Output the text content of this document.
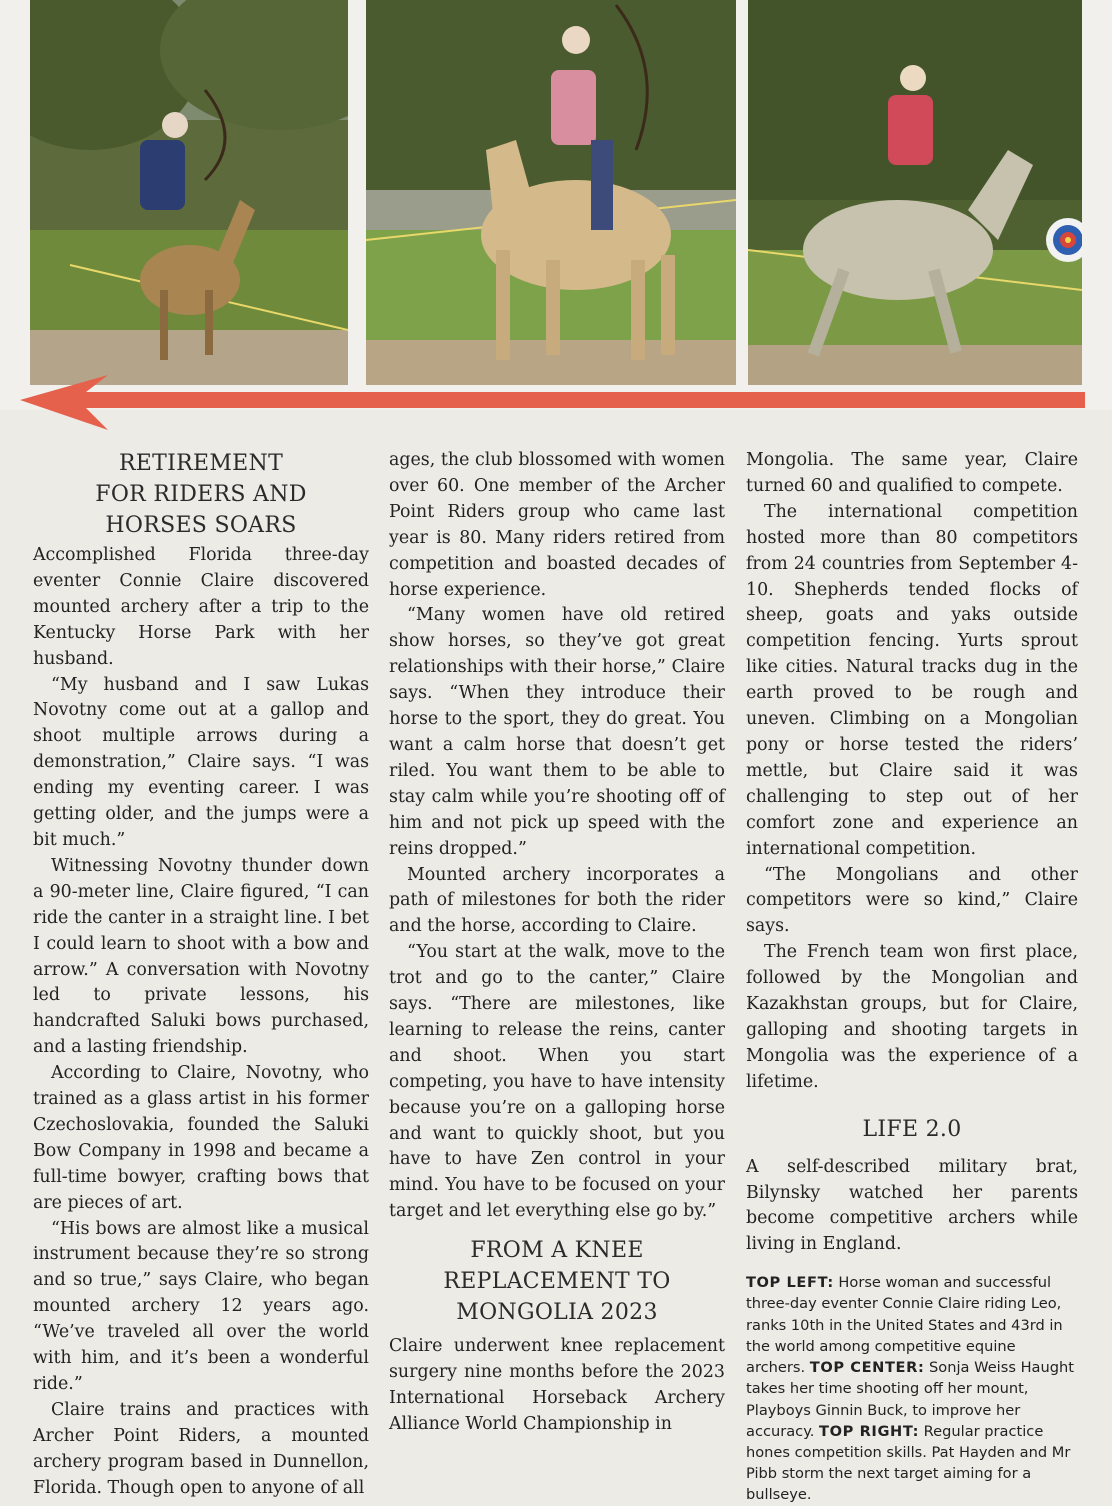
RETIREMENT
FOR RIDERS AND
HORSES SOARS

Accomplished Florida three-day eventer Connie Claire discovered mounted archery after a trip to the Kentucky Horse Park with her husband.

“My husband and I saw Lukas Novotny come out at a gallop and shoot multiple arrows during a demonstration,” Claire says. “I was ending my eventing career. I was getting older, and the jumps were a bit much.”

Witnessing Novotny thunder down a 90-meter line, Claire figured, “I can ride the canter in a straight line. I bet I could learn to shoot with a bow and arrow.” A conversation with Novotny led to private lessons, his handcrafted Saluki bows purchased, and a lasting friendship.

According to Claire, Novotny, who trained as a glass artist in his former Czechoslovakia, founded the Saluki Bow Company in 1998 and became a full-time bowyer, crafting bows that are pieces of art.

“His bows are almost like a musical instrument because they’re so strong and so true,” says Claire, who began mounted archery 12 years ago. “We’ve traveled all over the world with him, and it’s been a wonderful ride.”

Claire trains and practices with Archer Point Riders, a mounted archery program based in Dunnellon, Florida. Though open to anyone of all

ages, the club blossomed with women over 60. One member of the Archer Point Riders group who came last year is 80. Many riders retired from competition and boasted decades of horse experience.

“Many women have old retired show horses, so they’ve got great relationships with their horse,” Claire says. “When they introduce their horse to the sport, they do great. You want a calm horse that doesn’t get riled. You want them to be able to stay calm while you’re shooting off of him and not pick up speed with the reins dropped.”

Mounted archery incorporates a path of milestones for both the rider and the horse, according to Claire.

“You start at the walk, move to the trot and go to the canter,” Claire says. “There are milestones, like learning to release the reins, canter and shoot. When you start competing, you have to have intensity because you’re on a galloping horse and want to quickly shoot, but you have to have Zen control in your mind. You have to be focused on your target and let everything else go by.”

FROM A KNEE
REPLACEMENT TO
MONGOLIA 2023

Claire underwent knee replacement surgery nine months before the 2023 International Horseback Archery Alliance World Championship in

Mongolia. The same year, Claire turned 60 and qualified to compete.

The international competition hosted more than 80 competitors from 24 countries from September 4-10. Shepherds tended flocks of sheep, goats and yaks outside competition fencing. Yurts sprout like cities. Natural tracks dug in the earth proved to be rough and uneven. Climbing on a Mongolian pony or horse tested the riders’ mettle, but Claire said it was challenging to step out of her comfort zone and experience an international competition.

“The Mongolians and other competitors were so kind,” Claire says.

The French team won first place, followed by the Mongolian and Kazakhstan groups, but for Claire, galloping and shooting targets in Mongolia was the experience of a lifetime.

LIFE 2.0

A self-described military brat, Bilynsky watched her parents become competitive archers while living in England.

TOP LEFT: Horse woman and successful three-day eventer Connie Claire riding Leo, ranks 10th in the United States and 43rd in the world among competitive equine archers. TOP CENTER: Sonja Weiss Haught takes her time shooting off her mount, Playboys Ginnin Buck, to improve her accuracy. TOP RIGHT: Regular practice hones competition skills. Pat Hayden and Mr Pibb storm the next target aiming for a bullseye.
